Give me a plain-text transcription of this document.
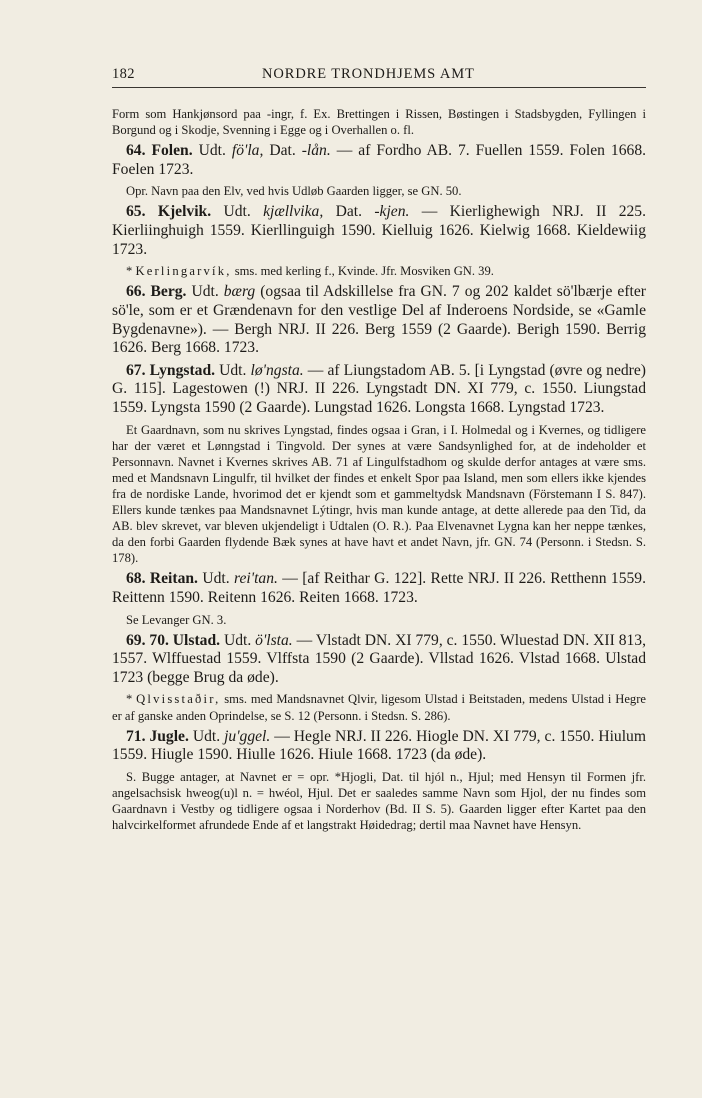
182	NORDRE TRONDHJEMS AMT

Form som Hankjønsord paa -ingr, f. Ex. Brettingen i Rissen, Bøstingen i Stadsbygden, Fyllingen i Borgund og i Skodje, Svenning i Egge og i Overhallen o. fl.

64. Folen. Udt. fö'la, Dat. -lån. — af Fordho AB. 7. Fuellen 1559. Folen 1668. Foelen 1723.

Opr. Navn paa den Elv, ved hvis Udløb Gaarden ligger, se GN. 50.

65. Kjelvik. Udt. kjællvika, Dat. -kjen. — Kierlighewigh NRJ. II 225. Kierliinghuigh 1559. Kierllinguigh 1590. Kielluig 1626. Kielwig 1668. Kieldewiig 1723.

* Kerlingarvík, sms. med kerling f., Kvinde. Jfr. Mosviken GN. 39.

66. Berg. Udt. bærg (ogsaa til Adskillelse fra GN. 7 og 202 kaldet sö'lbærje efter sö'le, som er et Grændenavn for den vestlige Del af Inderoens Nordside, se «Gamle Bygdenavne»). — Bergh NRJ. II 226. Berg 1559 (2 Gaarde). Berigh 1590. Berrig 1626. Berg 1668. 1723.

67. Lyngstad. Udt. lø'ngsta. — af Liungstadom AB. 5. [i Lyngstad (øvre og nedre) G. 115]. Lagestowen (!) NRJ. II 226. Lyngstadt DN. XI 779, c. 1550. Liungstad 1559. Lyngsta 1590 (2 Gaarde). Lungstad 1626. Longsta 1668. Lyngstad 1723.

Et Gaardnavn, som nu skrives Lyngstad, findes ogsaa i Gran, i I. Holmedal og i Kvernes, og tidligere har der været et Lønngstad i Tingvold. Der synes at være Sandsynlighed for, at de indeholder et Personnavn. Navnet i Kvernes skrives AB. 71 af Lingulfstadhom og skulde derfor antages at være sms. med et Mandsnavn Lingulfr, til hvilket der findes et enkelt Spor paa Island, men som ellers ikke kjendes fra de nordiske Lande, hvorimod det er kjendt som et gammeltydsk Mandsnavn (Förstemann I S. 847). Ellers kunde tænkes paa Mandsnavnet Lýtingr, hvis man kunde antage, at dette allerede paa den Tid, da AB. blev skrevet, var bleven ukjendeligt i Udtalen (O. R.). Paa Elvenavnet Lygna kan her neppe tænkes, da den forbi Gaarden flydende Bæk synes at have havt et andet Navn, jfr. GN. 74 (Personn. i Stedsn. S. 178).

68. Reitan. Udt. rei'tan. — [af Reithar G. 122]. Rette NRJ. II 226. Retthenn 1559. Reittenn 1590. Reitenn 1626. Reiten 1668. 1723.

Se Levanger GN. 3.

69. 70. Ulstad. Udt. ö'lsta. — Vlstadt DN. XI 779, c. 1550. Wluestad DN. XII 813, 1557. Wlffuestad 1559. Vlffsta 1590 (2 Gaarde). Vllstad 1626. Vlstad 1668. Ulstad 1723 (begge Brug da øde).

* Qlvisstaðir, sms. med Mandsnavnet Qlvir, ligesom Ulstad i Beitstaden, medens Ulstad i Hegre er af ganske anden Oprindelse, se S. 12 (Personn. i Stedsn. S. 286).

71. Jugle. Udt. ju'ggel. — Hegle NRJ. II 226. Hiogle DN. XI 779, c. 1550. Hiulum 1559. Hiugle 1590. Hiulle 1626. Hiule 1668. 1723 (da øde).

S. Bugge antager, at Navnet er = opr. *Hjogli, Dat. til hjól n., Hjul; med Hensyn til Formen jfr. angelsachsisk hweog(u)l n. = hwéol, Hjul. Det er saaledes samme Navn som Hjol, der nu findes som Gaardnavn i Vestby og tidligere ogsaa i Norderhov (Bd. II S. 5). Gaarden ligger efter Kartet paa den halvcirkelformet afrundede Ende af et langstrakt Høidedrag; dertil maa Navnet have Hensyn.
